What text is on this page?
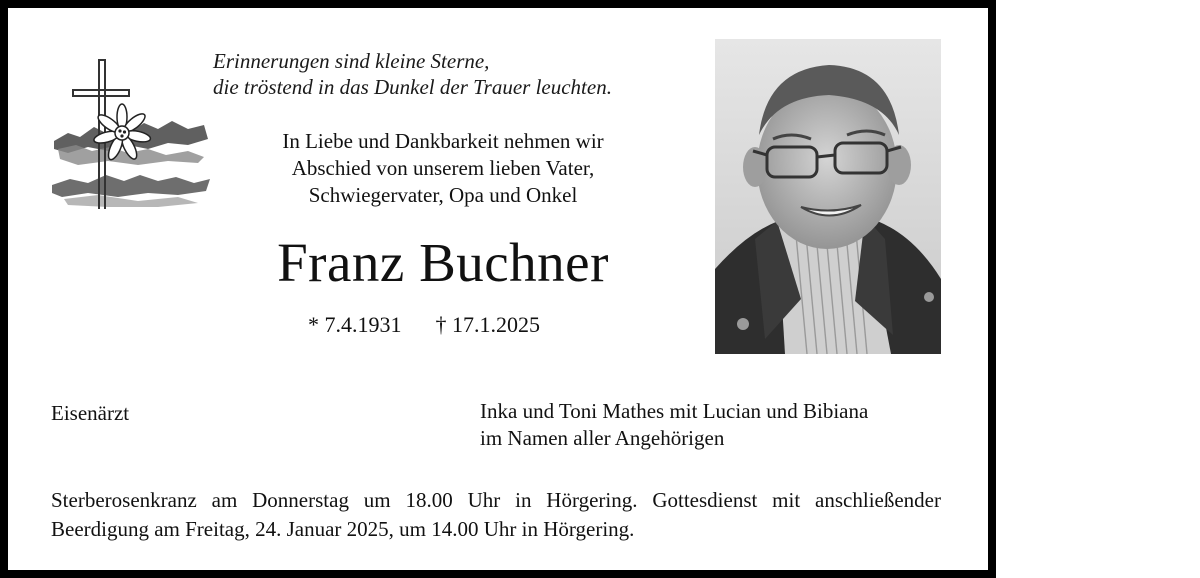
Erinnerungen sind kleine Sterne,
die tröstend in das Dunkel der Trauer leuchten.
In Liebe und Dankbarkeit nehmen wir
Abschied von unserem lieben Vater,
Schwiegervater, Opa und Onkel
Franz Buchner
* 7.4.1931 † 17.1.2025
Eisenärzt	Inka und Toni Mathes mit Lucian und Bibiana
im Namen aller Angehörigen
Sterberosenkranz am Donnerstag um 18.00 Uhr in Hörgering. Gottesdienst mit anschließender Beerdigung am Freitag, 24. Januar 2025, um 14.00 Uhr in Hörgering.
